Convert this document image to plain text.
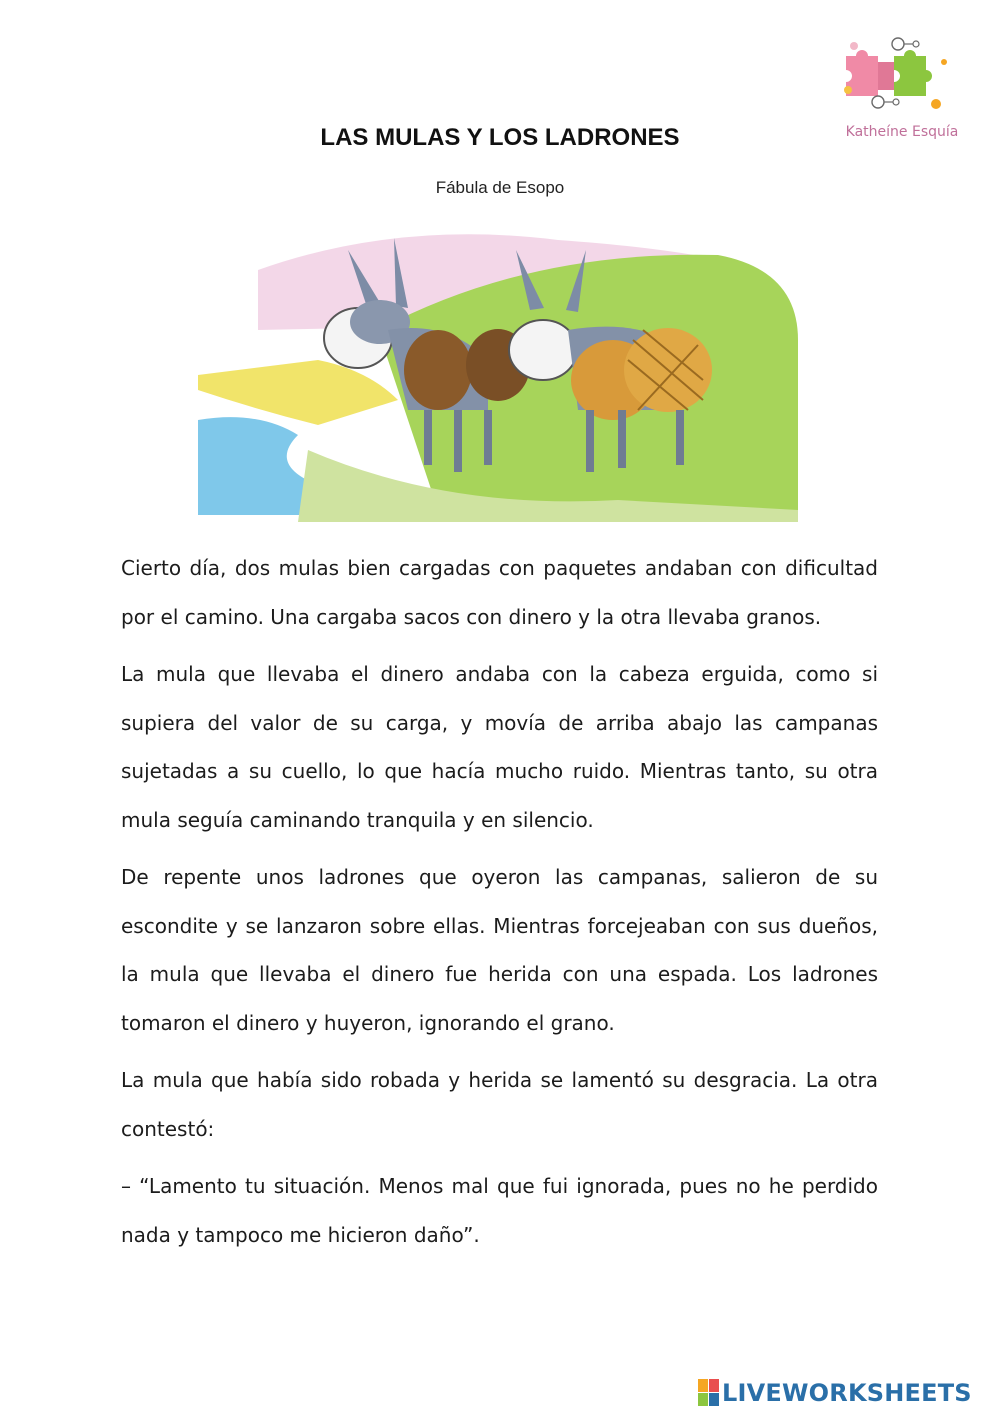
Katheíne Esquía
LAS MULAS Y LOS LADRONES
Fábula de Esopo

Cierto día, dos mulas bien cargadas con paquetes andaban con dificultad por el camino. Una cargaba sacos con dinero y la otra llevaba granos.

La mula que llevaba el dinero andaba con la cabeza erguida, como si supiera del valor de su carga, y movía de arriba abajo las campanas sujetadas a su cuello, lo que hacía mucho ruido. Mientras tanto, su otra mula seguía caminando tranquila y en silencio.

De repente unos ladrones que oyeron las campanas, salieron de su escondite y se lanzaron sobre ellas. Mientras forcejeaban con sus dueños, la mula que llevaba el dinero fue herida con una espada. Los ladrones tomaron el dinero y huyeron, ignorando el grano.

La mula que había sido robada y herida se lamentó su desgracia. La otra contestó:

– “Lamento tu situación. Menos mal que fui ignorada, pues no he perdido nada y tampoco me hicieron daño”.

LIVEWORKSHEETS
